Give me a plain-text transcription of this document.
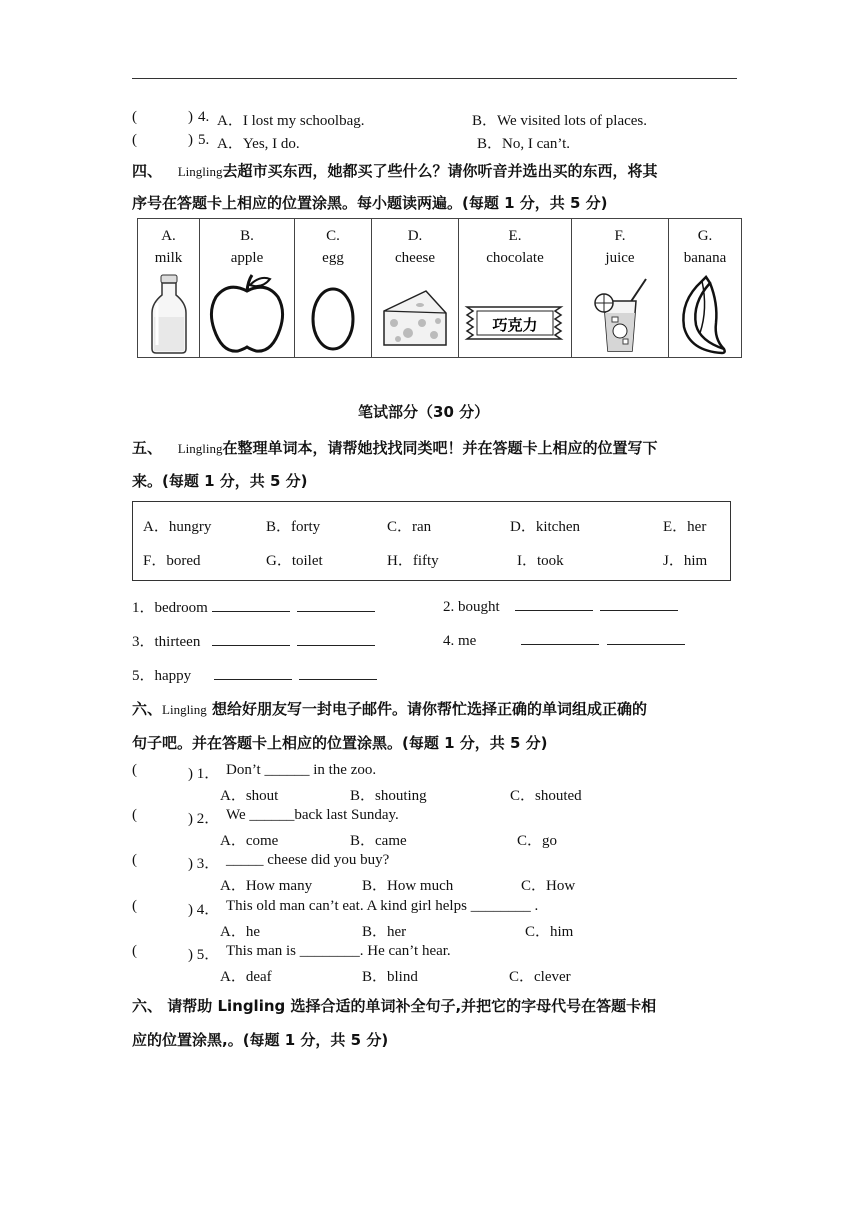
(	) 4. A．I lost my schoolbag.	B．We visited lots of places.
(	) 5. A．Yes, I do.	B．No, I can’t.
四、 Lingling去超市买东西，她都买了些什么？请你听音并选出买的东西，将其
序号在答题卡上相应的位置涂黑。每小题读两遍。(每题 1 分，共 5 分)
A.
milk

B.
apple

C.
egg

D.
cheese

E.
chocolate
巧克力

F.
juice

G.
banana
笔试部分（30 分）
五、 Lingling在整理单词本，请帮她找找同类吧！并在答题卡上相应的位置写下
来。(每题 1 分，共 5 分)
A．hungry	B．forty	C．ran	D．kitchen	E．her
F．bored	G．toilet	H．fifty	I．took	J．him
1．bedroom	2. bought
3．thirteen	4. me
5．happy
六、Lingling 想给好朋友写一封电子邮件。请你帮忙选择正确的单词组成正确的
句子吧。并在答题卡上相应的位置涂黑。(每题 1 分，共 5 分)
(	) 1． Don’t ______ in the zoo.
A．shout	B．shouting	C．shouted
(	) 2． We ______back last Sunday.
A．come	B．came	C．go
(	) 3． _____ cheese did you buy?
A．How many	B．How much	C．How
(	) 4． This old man can’t eat. A kind girl helps ________ .
A．he	B．her	C．him
(	) 5． This man is ________. He can’t hear.
A．deaf	B．blind	C．clever
六、 请帮助 Lingling 选择合适的单词补全句子,并把它的字母代号在答题卡相
应的位置涂黑,。(每题 1 分，共 5 分)
